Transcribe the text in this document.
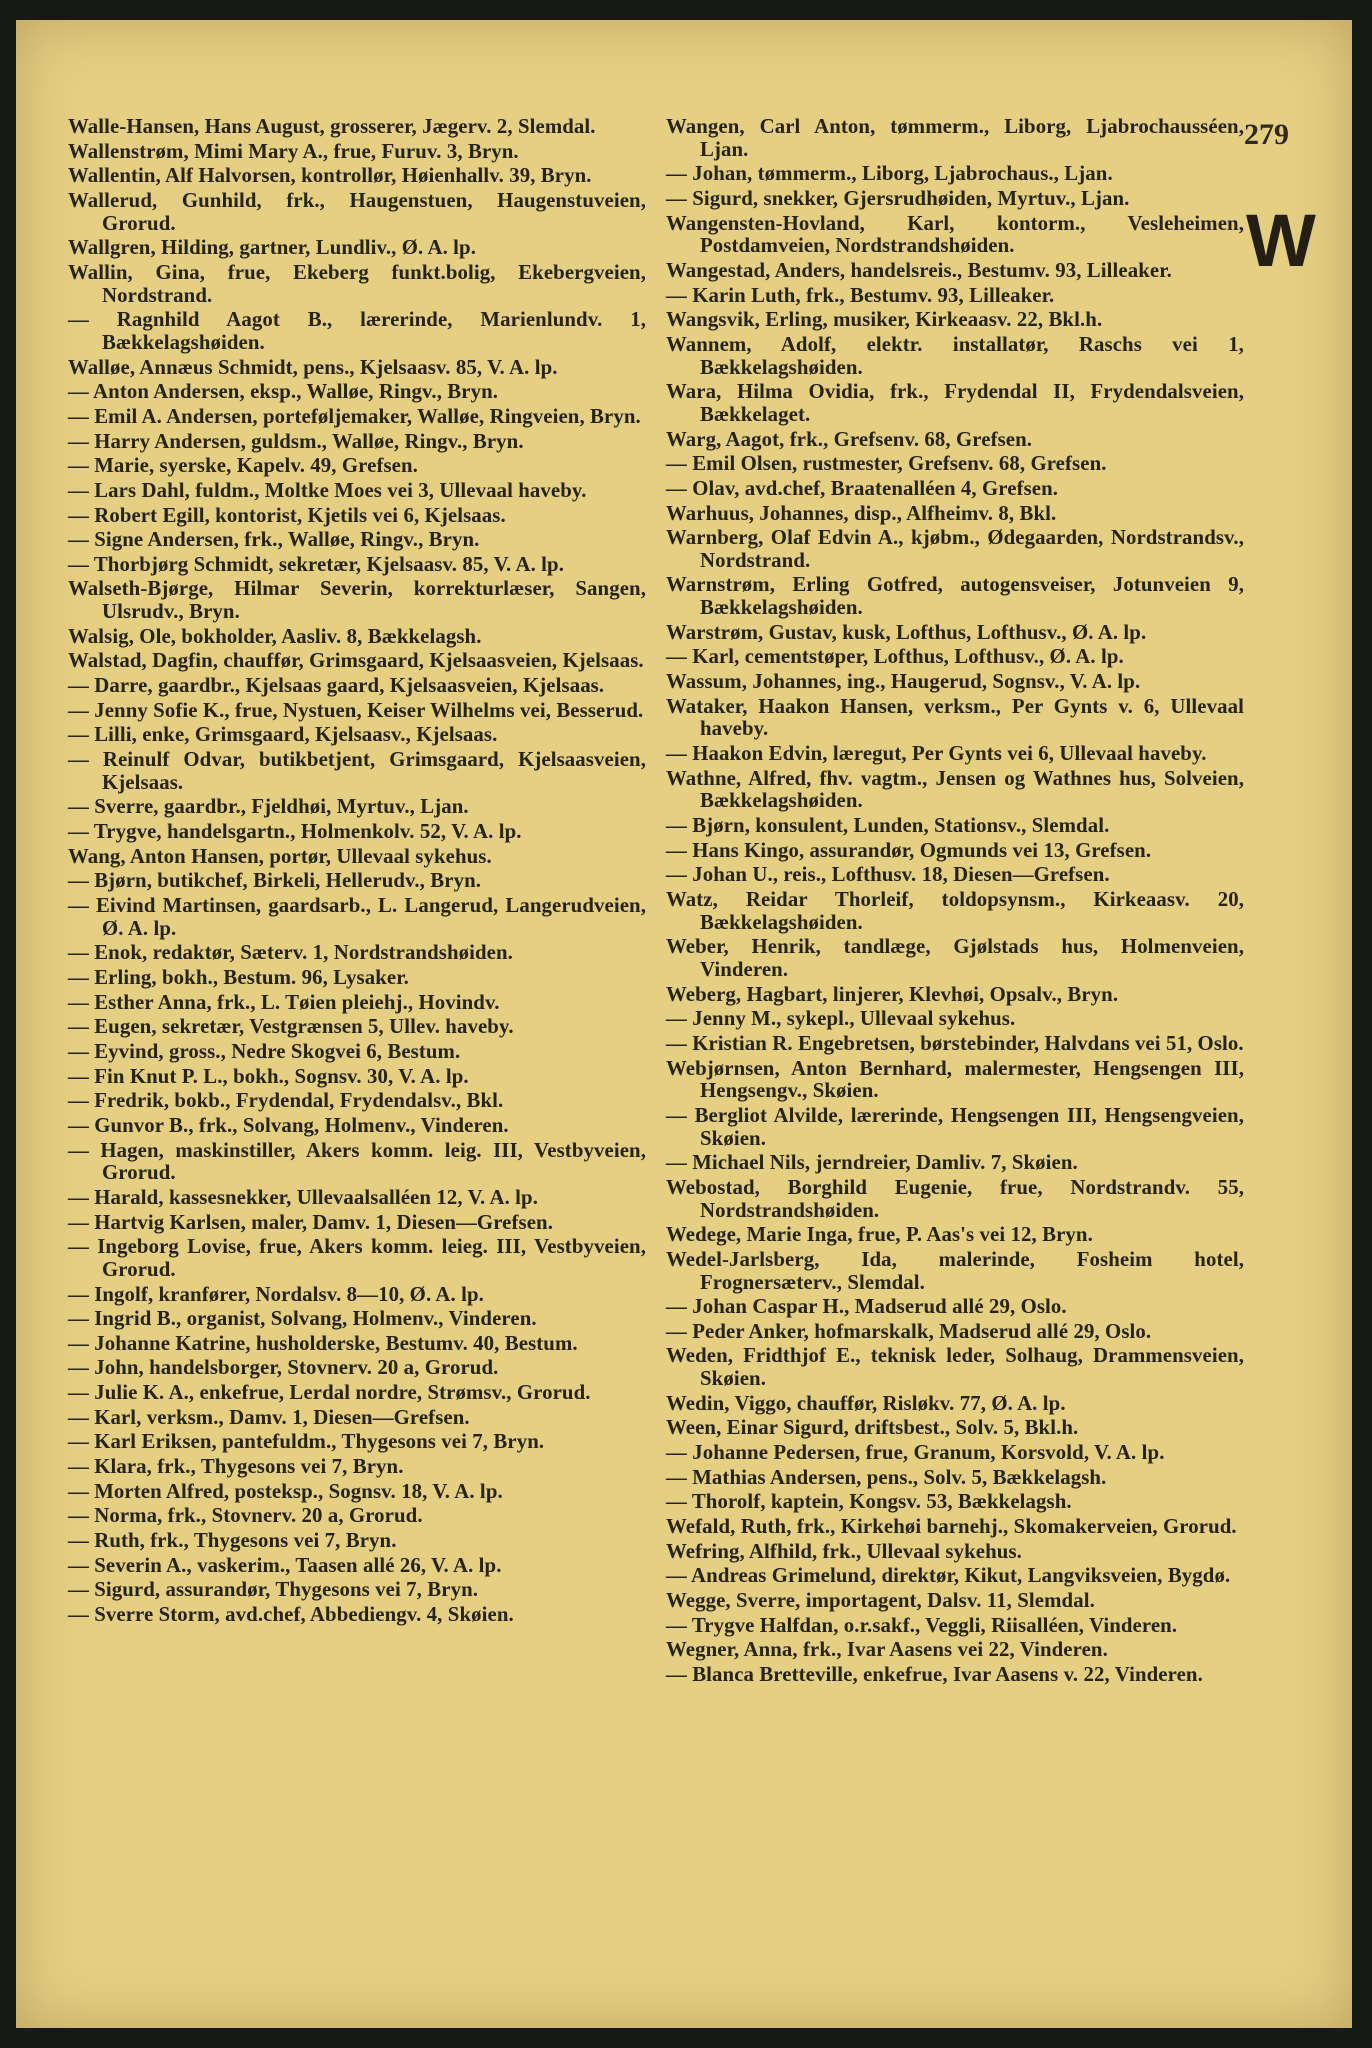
279
W

Walle-Hansen, Hans August, grosserer, Jægerv. 2, Slemdal.

Wallenstrøm, Mimi Mary A., frue, Furuv. 3, Bryn.

Wallentin, Alf Halvorsen, kontrollør, Høienhallv. 39, Bryn.

Wallerud, Gunhild, frk., Haugenstuen, Haugenstuveien, Grorud.

Wallgren, Hilding, gartner, Lundliv., Ø. A. lp.

Wallin, Gina, frue, Ekeberg funkt.bolig, Ekebergveien, Nordstrand.

— Ragnhild Aagot B., lærerinde, Marienlundv. 1, Bækkelagshøiden.

Walløe, Annæus Schmidt, pens., Kjelsaasv. 85, V. A. lp.

— Anton Andersen, eksp., Walløe, Ringv., Bryn.

— Emil A. Andersen, porteføljemaker, Walløe, Ringveien, Bryn.

— Harry Andersen, guldsm., Walløe, Ringv., Bryn.

— Marie, syerske, Kapelv. 49, Grefsen.

— Lars Dahl, fuldm., Moltke Moes vei 3, Ullevaal haveby.

— Robert Egill, kontorist, Kjetils vei 6, Kjelsaas.

— Signe Andersen, frk., Walløe, Ringv., Bryn.

— Thorbjørg Schmidt, sekretær, Kjelsaasv. 85, V. A. lp.

Walseth-Bjørge, Hilmar Severin, korrekturlæser, Sangen, Ulsrudv., Bryn.

Walsig, Ole, bokholder, Aasliv. 8, Bækkelagsh.

Walstad, Dagfin, chauffør, Grimsgaard, Kjelsaasveien, Kjelsaas.

— Darre, gaardbr., Kjelsaas gaard, Kjelsaasveien, Kjelsaas.

— Jenny Sofie K., frue, Nystuen, Keiser Wilhelms vei, Besserud.

— Lilli, enke, Grimsgaard, Kjelsaasv., Kjelsaas.

— Reinulf Odvar, butikbetjent, Grimsgaard, Kjelsaasveien, Kjelsaas.

— Sverre, gaardbr., Fjeldhøi, Myrtuv., Ljan.

— Trygve, handelsgartn., Holmenkolv. 52, V. A. lp.

Wang, Anton Hansen, portør, Ullevaal sykehus.

— Bjørn, butikchef, Birkeli, Hellerudv., Bryn.

— Eivind Martinsen, gaardsarb., L. Langerud, Langerudveien, Ø. A. lp.

— Enok, redaktør, Sæterv. 1, Nordstrandshøiden.

— Erling, bokh., Bestum. 96, Lysaker.

— Esther Anna, frk., L. Tøien pleiehj., Hovindv.

— Eugen, sekretær, Vestgrænsen 5, Ullev. haveby.

— Eyvind, gross., Nedre Skogvei 6, Bestum.

— Fin Knut P. L., bokh., Sognsv. 30, V. A. lp.

— Fredrik, bokb., Frydendal, Frydendalsv., Bkl.

— Gunvor B., frk., Solvang, Holmenv., Vinderen.

— Hagen, maskinstiller, Akers komm. leig. III, Vestbyveien, Grorud.

— Harald, kassesnekker, Ullevaalsalléen 12, V. A. lp.

— Hartvig Karlsen, maler, Damv. 1, Diesen—Grefsen.

— Ingeborg Lovise, frue, Akers komm. leieg. III, Vestbyveien, Grorud.

— Ingolf, kranfører, Nordalsv. 8—10, Ø. A. lp.

— Ingrid B., organist, Solvang, Holmenv., Vinderen.

— Johanne Katrine, husholderske, Bestumv. 40, Bestum.

— John, handelsborger, Stovnerv. 20 a, Grorud.

— Julie K. A., enkefrue, Lerdal nordre, Strømsv., Grorud.

— Karl, verksm., Damv. 1, Diesen—Grefsen.

— Karl Eriksen, pantefuldm., Thygesons vei 7, Bryn.

— Klara, frk., Thygesons vei 7, Bryn.

— Morten Alfred, posteksp., Sognsv. 18, V. A. lp.

— Norma, frk., Stovnerv. 20 a, Grorud.

— Ruth, frk., Thygesons vei 7, Bryn.

— Severin A., vaskerim., Taasen allé 26, V. A. lp.

— Sigurd, assurandør, Thygesons vei 7, Bryn.

— Sverre Storm, avd.chef, Abbediengv. 4, Skøien.

Wangen, Carl Anton, tømmerm., Liborg, Ljabrochausséen, Ljan.

— Johan, tømmerm., Liborg, Ljabrochaus., Ljan.

— Sigurd, snekker, Gjersrudhøiden, Myrtuv., Ljan.

Wangensten-Hovland, Karl, kontorm., Vesleheimen, Postdamveien, Nordstrandshøiden.

Wangestad, Anders, handelsreis., Bestumv. 93, Lilleaker.

— Karin Luth, frk., Bestumv. 93, Lilleaker.

Wangsvik, Erling, musiker, Kirkeaasv. 22, Bkl.h.

Wannem, Adolf, elektr. installatør, Raschs vei 1, Bækkelagshøiden.

Wara, Hilma Ovidia, frk., Frydendal II, Frydendalsveien, Bækkelaget.

Warg, Aagot, frk., Grefsenv. 68, Grefsen.

— Emil Olsen, rustmester, Grefsenv. 68, Grefsen.

— Olav, avd.chef, Braatenalléen 4, Grefsen.

Warhuus, Johannes, disp., Alfheimv. 8, Bkl.

Warnberg, Olaf Edvin A., kjøbm., Ødegaarden, Nordstrandsv., Nordstrand.

Warnstrøm, Erling Gotfred, autogensveiser, Jotunveien 9, Bækkelagshøiden.

Warstrøm, Gustav, kusk, Lofthus, Lofthusv., Ø. A. lp.

— Karl, cementstøper, Lofthus, Lofthusv., Ø. A. lp.

Wassum, Johannes, ing., Haugerud, Sognsv., V. A. lp.

Wataker, Haakon Hansen, verksm., Per Gynts v. 6, Ullevaal haveby.

— Haakon Edvin, læregut, Per Gynts vei 6, Ullevaal haveby.

Wathne, Alfred, fhv. vagtm., Jensen og Wathnes hus, Solveien, Bækkelagshøiden.

— Bjørn, konsulent, Lunden, Stationsv., Slemdal.

— Hans Kingo, assurandør, Ogmunds vei 13, Grefsen.

— Johan U., reis., Lofthusv. 18, Diesen—Grefsen.

Watz, Reidar Thorleif, toldopsynsm., Kirkeaasv. 20, Bækkelagshøiden.

Weber, Henrik, tandlæge, Gjølstads hus, Holmenveien, Vinderen.

Weberg, Hagbart, linjerer, Klevhøi, Opsalv., Bryn.

— Jenny M., sykepl., Ullevaal sykehus.

— Kristian R. Engebretsen, børstebinder, Halvdans vei 51, Oslo.

Webjørnsen, Anton Bernhard, malermester, Hengsengen III, Hengsengv., Skøien.

— Bergliot Alvilde, lærerinde, Hengsengen III, Hengsengveien, Skøien.

— Michael Nils, jerndreier, Damliv. 7, Skøien.

Webostad, Borghild Eugenie, frue, Nordstrandv. 55, Nordstrandshøiden.

Wedege, Marie Inga, frue, P. Aas's vei 12, Bryn.

Wedel-Jarlsberg, Ida, malerinde, Fosheim hotel, Frognersæterv., Slemdal.

— Johan Caspar H., Madserud allé 29, Oslo.

— Peder Anker, hofmarskalk, Madserud allé 29, Oslo.

Weden, Fridthjof E., teknisk leder, Solhaug, Drammensveien, Skøien.

Wedin, Viggo, chauffør, Risløkv. 77, Ø. A. lp.

Ween, Einar Sigurd, driftsbest., Solv. 5, Bkl.h.

— Johanne Pedersen, frue, Granum, Korsvold, V. A. lp.

— Mathias Andersen, pens., Solv. 5, Bækkelagsh.

— Thorolf, kaptein, Kongsv. 53, Bækkelagsh.

Wefald, Ruth, frk., Kirkehøi barnehj., Skomakerveien, Grorud.

Wefring, Alfhild, frk., Ullevaal sykehus.

— Andreas Grimelund, direktør, Kikut, Langviksveien, Bygdø.

Wegge, Sverre, importagent, Dalsv. 11, Slemdal.

— Trygve Halfdan, o.r.sakf., Veggli, Riisalléen, Vinderen.

Wegner, Anna, frk., Ivar Aasens vei 22, Vinderen.

— Blanca Bretteville, enkefrue, Ivar Aasens v. 22, Vinderen.
